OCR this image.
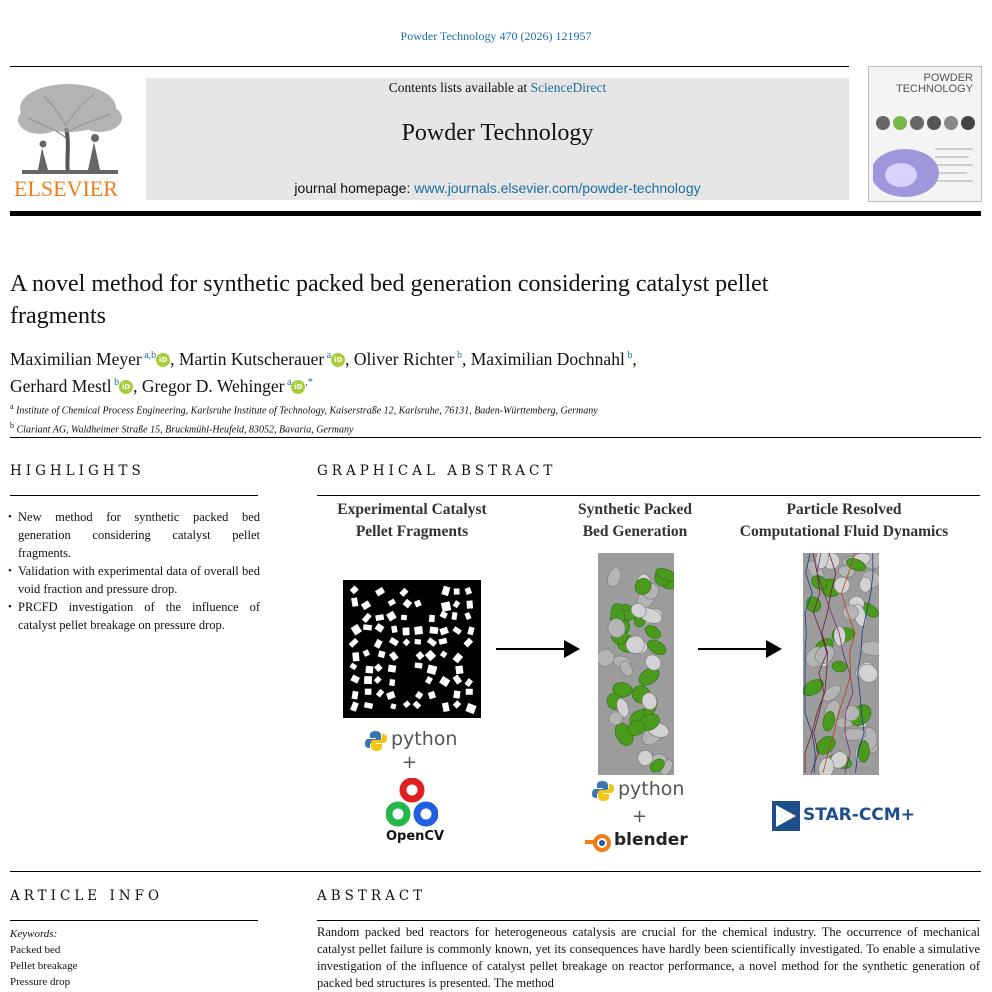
Powder Technology 470 (2026) 121957
ELSEVIER
Contents lists available at ScienceDirect
Powder Technology
journal homepage: www.journals.elsevier.com/powder-technology
POWDER
TECHNOLOGY
A novel method for synthetic packed bed generation considering catalyst pellet fragments
Maximilian Meyer $^{a,b}$ iD , Martin Kutscherauer $^a$ iD , Oliver Richter $^b$, Maximilian Dochnahl $^b$,
Gerhard Mestl $^b$ iD , Gregor D. Wehinger $^a$ iD ,*
$^a$ Institute of Chemical Process Engineering, Karlsruhe Institute of Technology, Kaiserstraße 12, Karlsruhe, 76131, Baden-Württemberg, Germany
$^b$ Clariant AG, Waldheimer Straße 15, Bruckmühl-Heufeld, 83052, Bavaria, Germany
HIGHLIGHTS
• New method for synthetic packed bed generation considering catalyst pellet fragments.
• Validation with experimental data of overall bed void fraction and pressure drop.
• PRCFD investigation of the influence of catalyst pellet breakage on pressure drop.
GRAPHICAL ABSTRACT
Experimental Catalyst
Pellet Fragments
Synthetic Packed
Bed Generation
Particle Resolved
Computational Fluid Dynamics
python
+
OpenCV
python
+
blender
STAR-CCM+
ARTICLE INFO
Keywords:
Packed bed
Pellet breakage
Pressure drop
ABSTRACT
Random packed bed reactors for heterogeneous catalysis are crucial for the chemical industry. The occurrence of mechanical catalyst pellet failure is commonly known, yet its consequences have hardly been scientifically investigated. To enable a simulative investigation of the influence of catalyst pellet breakage on reactor performance, a novel method for the synthetic generation of packed bed structures is presented. The method
